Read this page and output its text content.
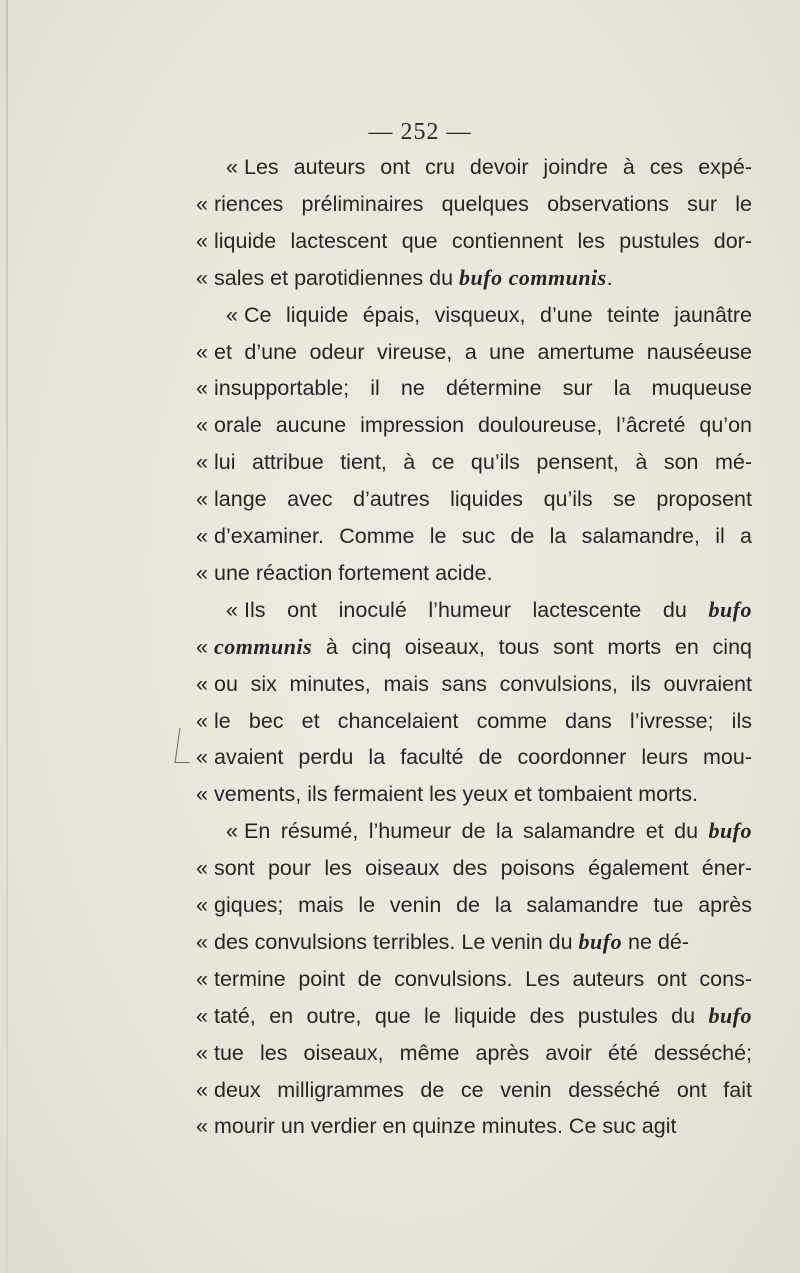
— 252 —
« Les auteurs ont cru devoir joindre à ces expé-
« riences préliminaires quelques observations sur le
« liquide lactescent que contiennent les pustules dor-
« sales et parotidiennes du bufo communis.
« Ce liquide épais, visqueux, d’une teinte jaunâtre
« et d’une odeur vireuse, a une amertume nauséeuse
« insupportable; il ne détermine sur la muqueuse
« orale aucune impression douloureuse, l’âcreté qu’on
« lui attribue tient, à ce qu’ils pensent, à son mé-
« lange avec d’autres liquides qu’ils se proposent
« d’examiner. Comme le suc de la salamandre, il a
« une réaction fortement acide.
« Ils ont inoculé l’humeur lactescente du bufo
« communis à cinq oiseaux, tous sont morts en cinq
« ou six minutes, mais sans convulsions, ils ouvraient
« le bec et chancelaient comme dans l’ivresse; ils
« avaient perdu la faculté de coordonner leurs mou-
« vements, ils fermaient les yeux et tombaient morts.
« En résumé, l’humeur de la salamandre et du bufo
« sont pour les oiseaux des poisons également éner-
« giques; mais le venin de la salamandre tue après
« des convulsions terribles. Le venin du bufo ne dé-
« termine point de convulsions. Les auteurs ont cons-
« taté, en outre, que le liquide des pustules du bufo
« tue les oiseaux, même après avoir été desséché;
« deux milligrammes de ce venin desséché ont fait
« mourir un verdier en quinze minutes. Ce suc agit
